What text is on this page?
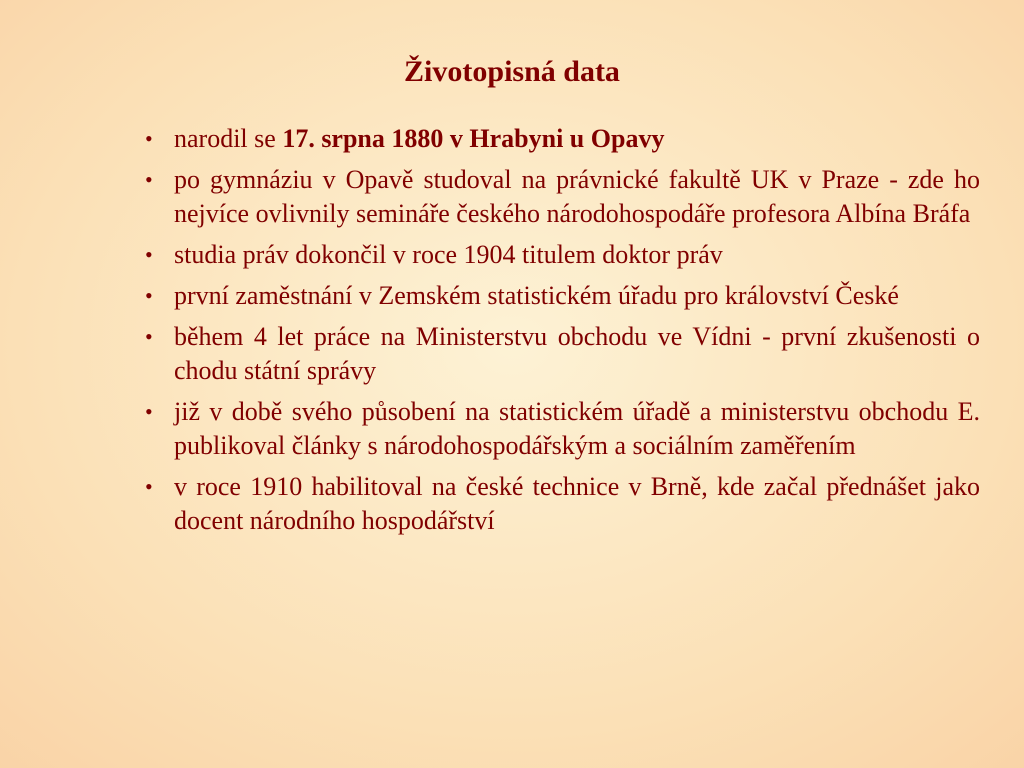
Životopisná data
• narodil se 17. srpna 1880 v Hrabyni u Opavy
• po gymnáziu v Opavě studoval na právnické fakultě UK v Praze - zde ho nejvíce ovlivnily semináře českého národohospodáře profesora Albína Bráfa
• studia práv dokončil v roce 1904 titulem doktor práv
• první zaměstnání v Zemském statistickém úřadu pro království České
• během 4 let práce na Ministerstvu obchodu ve Vídni - první zkušenosti o chodu státní správy
• již v době svého působení na statistickém úřadě a ministerstvu obchodu E. publikoval články s národohospodářským a sociálním zaměřením
• v roce 1910 habilitoval na české technice v Brně, kde začal přednášet jako docent národního hospodářství
